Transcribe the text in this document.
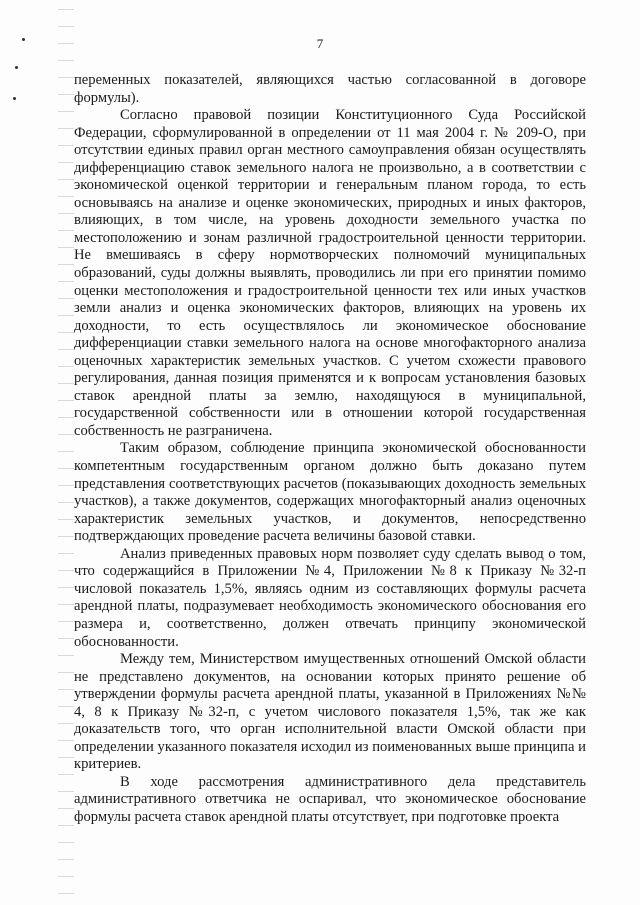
7

переменных показателей, являющихся частью согласованной в договоре формулы).

Согласно правовой позиции Конституционного Суда Российской Федерации, сформулированной в определении от 11 мая 2004 г. № 209-О, при отсутствии единых правил орган местного самоуправления обязан осуществлять дифференциацию ставок земельного налога не произвольно, а в соответствии с экономической оценкой территории и генеральным планом города, то есть основываясь на анализе и оценке экономических, природных и иных факторов, влияющих, в том числе, на уровень доходности земельного участка по местоположению и зонам различной градостроительной ценности территории. Не вмешиваясь в сферу нормотворческих полномочий муниципальных образований, суды должны выявлять, проводились ли при его принятии помимо оценки местоположения и градостроительной ценности тех или иных участков земли анализ и оценка экономических факторов, влияющих на уровень их доходности, то есть осуществлялось ли экономическое обоснование дифференциации ставки земельного налога на основе многофакторного анализа оценочных характеристик земельных участков. С учетом схожести правового регулирования, данная позиция применятся и к вопросам установления базовых ставок арендной платы за землю, находящуюся в муниципальной, государственной собственности или в отношении которой государственная собственность не разграничена.

Таким образом, соблюдение принципа экономической обоснованности компетентным государственным органом должно быть доказано путем представления соответствующих расчетов (показывающих доходность земельных участков), а также документов, содержащих многофакторный анализ оценочных характеристик земельных участков, и документов, непосредственно подтверждающих проведение расчета величины базовой ставки.

Анализ приведенных правовых норм позволяет суду сделать вывод о том, что содержащийся в Приложении №4, Приложении №8 к Приказу №32-п числовой показатель 1,5%, являясь одним из составляющих формулы расчета арендной платы, подразумевает необходимость экономического обоснования его размера и, соответственно, должен отвечать принципу экономической обоснованности.

Между тем, Министерством имущественных отношений Омской области не представлено документов, на основании которых принято решение об утверждении формулы расчета арендной платы, указанной в Приложениях №№ 4, 8 к Приказу №32-п, с учетом числового показателя 1,5%, так же как доказательств того, что орган исполнительной власти Омской области при определении указанного показателя исходил из поименованных выше принципа и критериев.

В ходе рассмотрения административного дела представитель административного ответчика не оспаривал, что экономическое обоснование формулы расчета ставок арендной платы отсутствует, при подготовке проекта
